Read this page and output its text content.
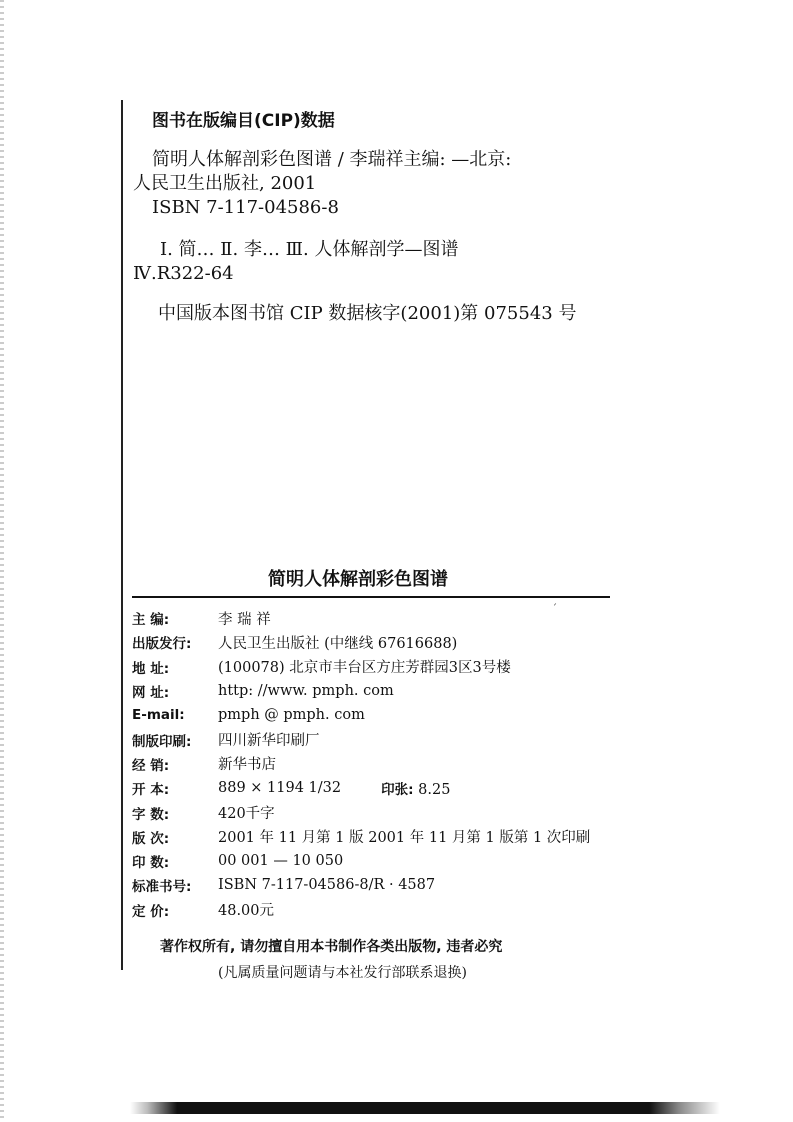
图书在版编目(CIP)数据
简明人体解剖彩色图谱 / 李瑞祥主编: —北京:
人民卫生出版社, 2001
ISBN 7-117-04586-8
Ⅰ. 简… Ⅱ. 李… Ⅲ. 人体解剖学—图谱
Ⅳ.R322-64
中国版本图书馆 CIP 数据核字(2001)第 075543 号
简明人体解剖彩色图谱
ˊ
主 编:	李 瑞 祥
出版发行:	人民卫生出版社 (中继线 67616688)
地 址:	(100078) 北京市丰台区方庄芳群园3区3号楼
网 址:	http: //www. pmph. com
E-mail:	pmph @ pmph. com
制版印刷:	四川新华印刷厂
经 销:	新华书店
开 本:	889 × 1194 1/32	印张: 8.25
字 数:	420千字
版 次:	2001 年 11 月第 1 版 2001 年 11 月第 1 版第 1 次印刷
印 数:	00 001 — 10 050
标准书号:	ISBN 7-117-04586-8/R · 4587
定 价:	48.00元
著作权所有, 请勿擅自用本书制作各类出版物, 违者必究
(凡属质量问题请与本社发行部联系退换)
